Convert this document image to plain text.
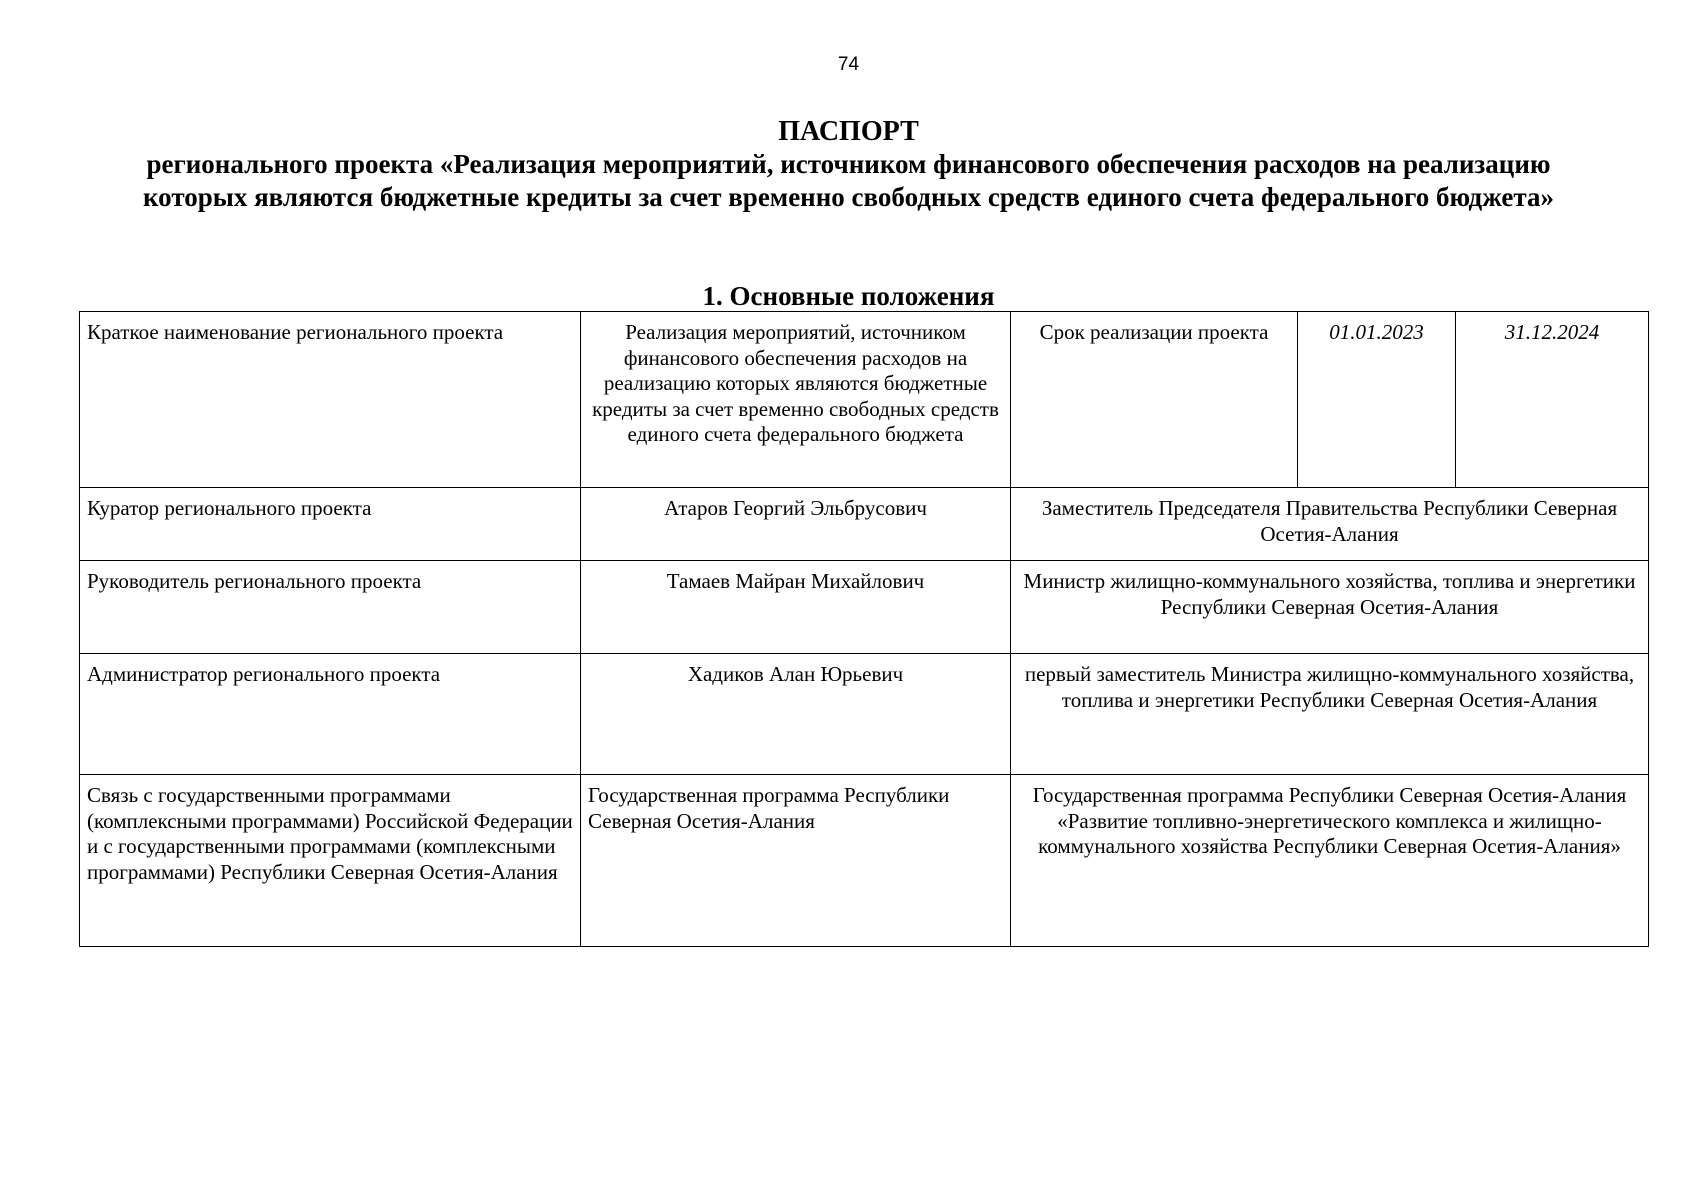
74
ПАСПОРТ
регионального проекта «Реализация мероприятий, источником финансового обеспечения расходов на реализацию которых являются бюджетные кредиты за счет временно свободных средств единого счета федерального бюджета»
1. Основные положения
Краткое наименование регионального проекта	Реализация мероприятий, источником финансового обеспечения расходов на реализацию которых являются бюджетные кредиты за счет временно свободных средств единого счета федерального бюджета	Срок реализации проекта	01.01.2023	31.12.2024
Куратор регионального проекта	Атаров Георгий Эльбрусович	Заместитель Председателя Правительства Республики Северная Осетия-Алания		
Руководитель регионального проекта	Тамаев Майран Михайлович	Министр жилищно-коммунального хозяйства, топлива и энергетики Республики Северная Осетия-Алания		
Администратор регионального проекта	Хадиков Алан Юрьевич	первый заместитель Министра жилищно-коммунального хозяйства, топлива и энергетики Республики Северная Осетия-Алания		
Связь с государственными программами (комплексными программами) Российской Федерации и с государственными программами (комплексными программами) Республики Северная Осетия-Алания	Государственная программа Республики Северная Осетия-Алания	Государственная программа Республики Северная Осетия-Алания «Развитие топливно-энергетического комплекса и жилищно-коммунального хозяйства Республики Северная Осетия-Алания»		
